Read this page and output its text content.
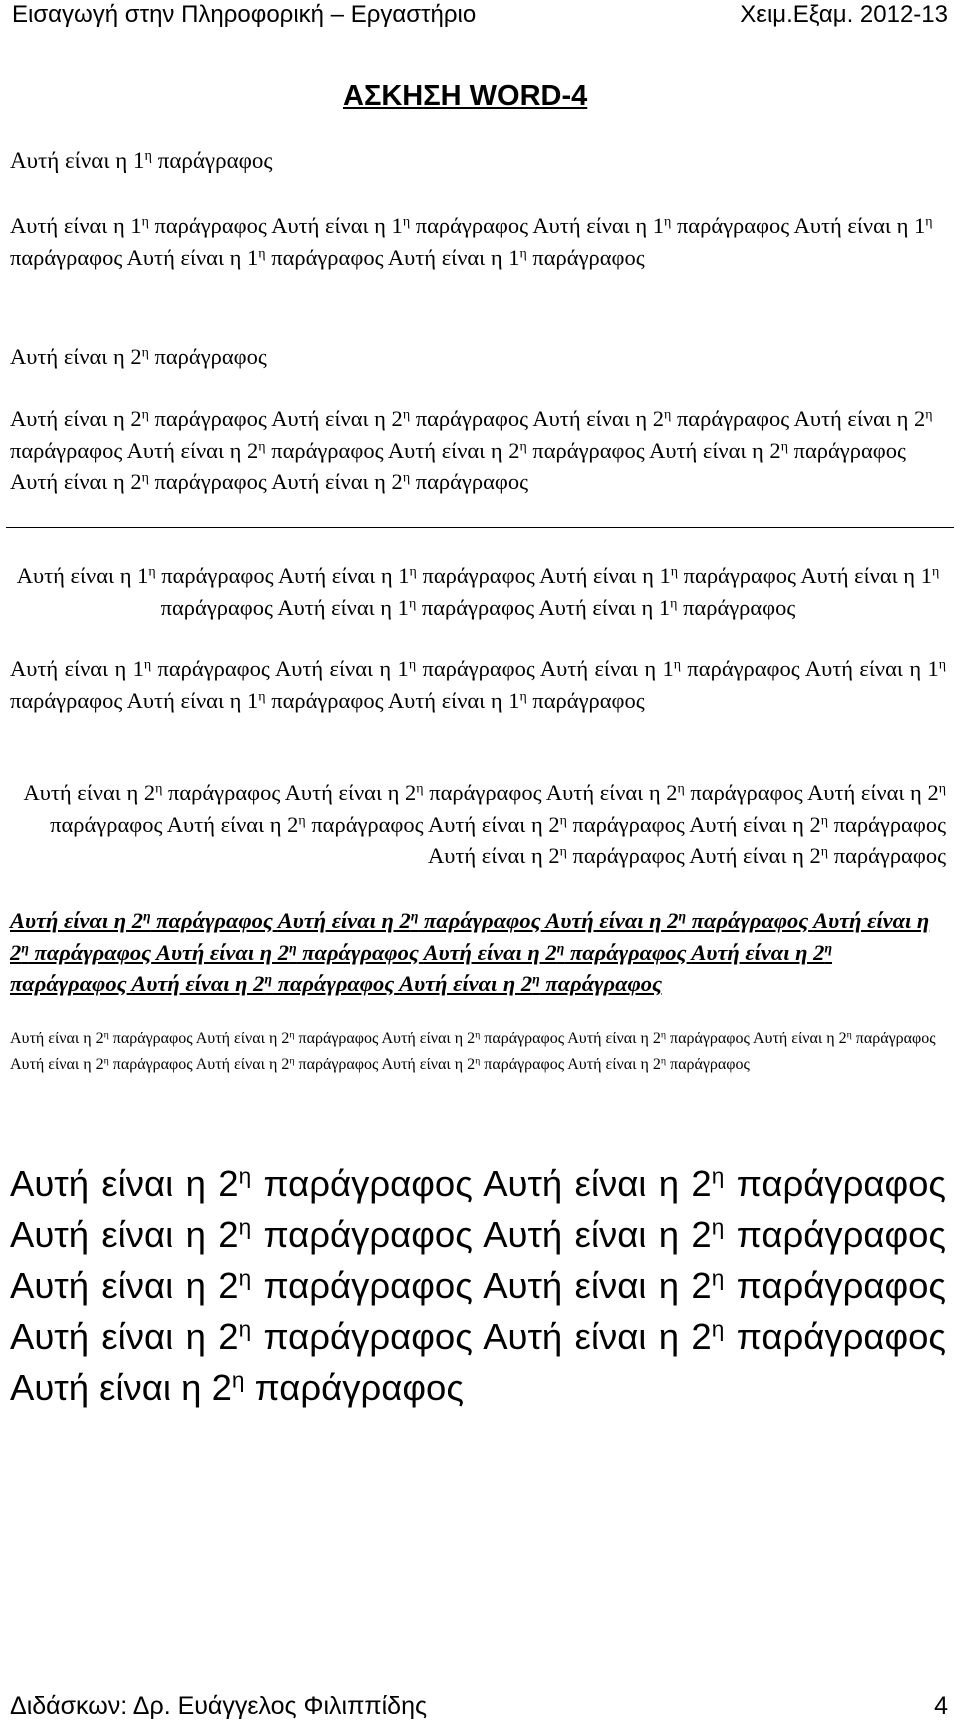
Εισαγωγή στην Πληροφορική – Εργαστήριο	Χειμ.Εξαμ. 2012-13
ΑΣΚΗΣΗ WORD-4

Αυτή είναι η $1^\eta$ παράγραφος

Αυτή είναι η $1^\eta$ παράγραφος Αυτή είναι η $1^\eta$ παράγραφος Αυτή είναι η $1^\eta$ παράγραφος Αυτή είναι η $1^\eta$ παράγραφος Αυτή είναι η $1^\eta$ παράγραφος Αυτή είναι η $1^\eta$ παράγραφος

Αυτή είναι η $2^\eta$ παράγραφος

Αυτή είναι η $2^\eta$ παράγραφος Αυτή είναι η $2^\eta$ παράγραφος Αυτή είναι η $2^\eta$ παράγραφος Αυτή είναι η $2^\eta$ παράγραφος Αυτή είναι η $2^\eta$ παράγραφος Αυτή είναι η $2^\eta$ παράγραφος Αυτή είναι η $2^\eta$ παράγραφος Αυτή είναι η $2^\eta$ παράγραφος Αυτή είναι η $2^\eta$ παράγραφος

Αυτή είναι η $1^\eta$ παράγραφος Αυτή είναι η $1^\eta$ παράγραφος Αυτή είναι η $1^\eta$ παράγραφος Αυτή είναι η $1^\eta$ παράγραφος Αυτή είναι η $1^\eta$ παράγραφος Αυτή είναι η $1^\eta$ παράγραφος

Αυτή είναι η $1^\eta$ παράγραφος Αυτή είναι η $1^\eta$ παράγραφος Αυτή είναι η $1^\eta$ παράγραφος Αυτή είναι η $1^\eta$ παράγραφος Αυτή είναι η $1^\eta$ παράγραφος Αυτή είναι η $1^\eta$ παράγραφος

Αυτή είναι η $2^\eta$ παράγραφος Αυτή είναι η $2^\eta$ παράγραφος Αυτή είναι η $2^\eta$ παράγραφος Αυτή είναι η $2^\eta$ παράγραφος Αυτή είναι η $2^\eta$ παράγραφος Αυτή είναι η $2^\eta$ παράγραφος Αυτή είναι η $2^\eta$ παράγραφος Αυτή είναι η $2^\eta$ παράγραφος Αυτή είναι η $2^\eta$ παράγραφος

Αυτή είναι η $2^\eta$ παράγραφος Αυτή είναι η $2^\eta$ παράγραφος Αυτή είναι η $2^\eta$ παράγραφος Αυτή είναι η $2^\eta$ παράγραφος Αυτή είναι η $2^\eta$ παράγραφος Αυτή είναι η $2^\eta$ παράγραφος Αυτή είναι η $2^\eta$ παράγραφος Αυτή είναι η $2^\eta$ παράγραφος Αυτή είναι η $2^\eta$ παράγραφος

Αυτή είναι η $2^\eta$ παράγραφος Αυτή είναι η $2^\eta$ παράγραφος Αυτή είναι η $2^\eta$ παράγραφος Αυτή είναι η $2^\eta$ παράγραφος Αυτή είναι η $2^\eta$ παράγραφος Αυτή είναι η $2^\eta$ παράγραφος Αυτή είναι η $2^\eta$ παράγραφος Αυτή είναι η $2^\eta$ παράγραφος Αυτή είναι η $2^\eta$ παράγραφος

Αυτή είναι η $2^\eta$ παράγραφος Αυτή είναι η $2^\eta$ παράγραφος Αυτή είναι η $2^\eta$ παράγραφος Αυτή είναι η $2^\eta$ παράγραφος Αυτή είναι η $2^\eta$ παράγραφος Αυτή είναι η $2^\eta$ παράγραφος Αυτή είναι η $2^\eta$ παράγραφος Αυτή είναι η $2^\eta$ παράγραφος Αυτή είναι η $2^\eta$ παράγραφος

Διδάσκων: Δρ. Ευάγγελος Φιλιππίδης	4
